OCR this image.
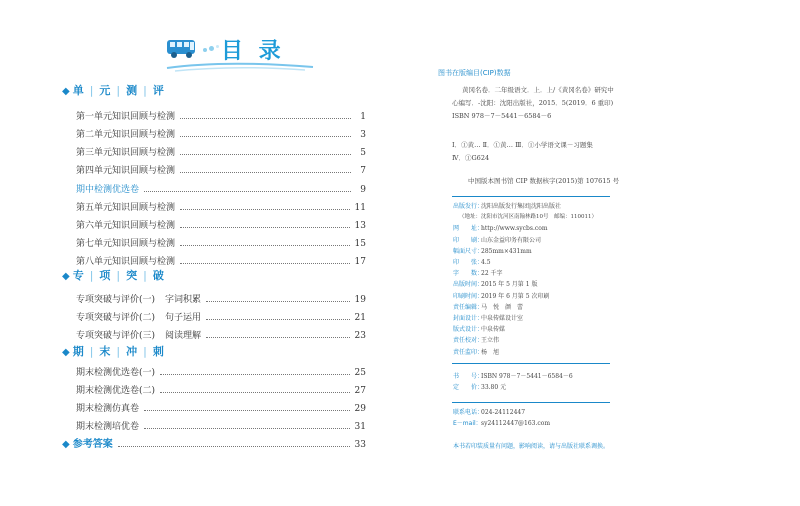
目 录
◆ 单 | 元 | 测 | 评
第一单元知识回顾与检测	1
第二单元知识回顾与检测	3
第三单元知识回顾与检测	5
第四单元知识回顾与检测	7
期中检测优选卷	9
第五单元知识回顾与检测	11
第六单元知识回顾与检测	13
第七单元知识回顾与检测	15
第八单元知识回顾与检测	17
◆ 专 | 项 | 突 | 破
专项突破与评价(一) 字词积累	19
专项突破与评价(二) 句子运用	21
专项突破与评价(三) 阅读理解	23
◆ 期 | 末 | 冲 | 刺
期末检测优选卷(一)	25
期末检测优选卷(二)	27
期末检测仿真卷	29
期末检测培优卷	31
◆ 参考答案	33
图书在版编目(CIP)数据
黄冈名卷．二年级语文．上．上/《黄冈名卷》研究中
心编写．-沈阳：沈阳出版社，2015．5(2019．6 重印)
ISBN 978－7－5441－6584－6
Ⅰ．①黄… Ⅱ．①黄… Ⅲ．①小学语文课－习题集
Ⅳ．①G624
中国版本图书馆 CIP 数据核字(2015)第 107615 号
出版发行：沈阳出版发行集团|沈阳出版社
（地址：沈阳市沈河区南翰林路10号　邮编：110011）
网　　址：http://www.sycbs.com
印　　刷：山东金益印务有限公司
幅面尺寸：285mm×431mm
印　　张：4.5
字　　数：22 千字
出版时间：2015 年 5 月第 1 版
印刷时间：2019 年 6 月第 5 次印刷
责任编辑：马　悦　颜　蕾
封面设计：中泉传媒设计室
版式设计：中泉传媒
责任校对：王立伟
责任监印：杨　旭
书　　号：ISBN 978－7－5441－6584－6
定　　价：33.80 元
联系电话：024-24112447
E－mail：sy24112447@163.com
本书若印装质量有问题，影响阅读，请与出版社联系调换。
